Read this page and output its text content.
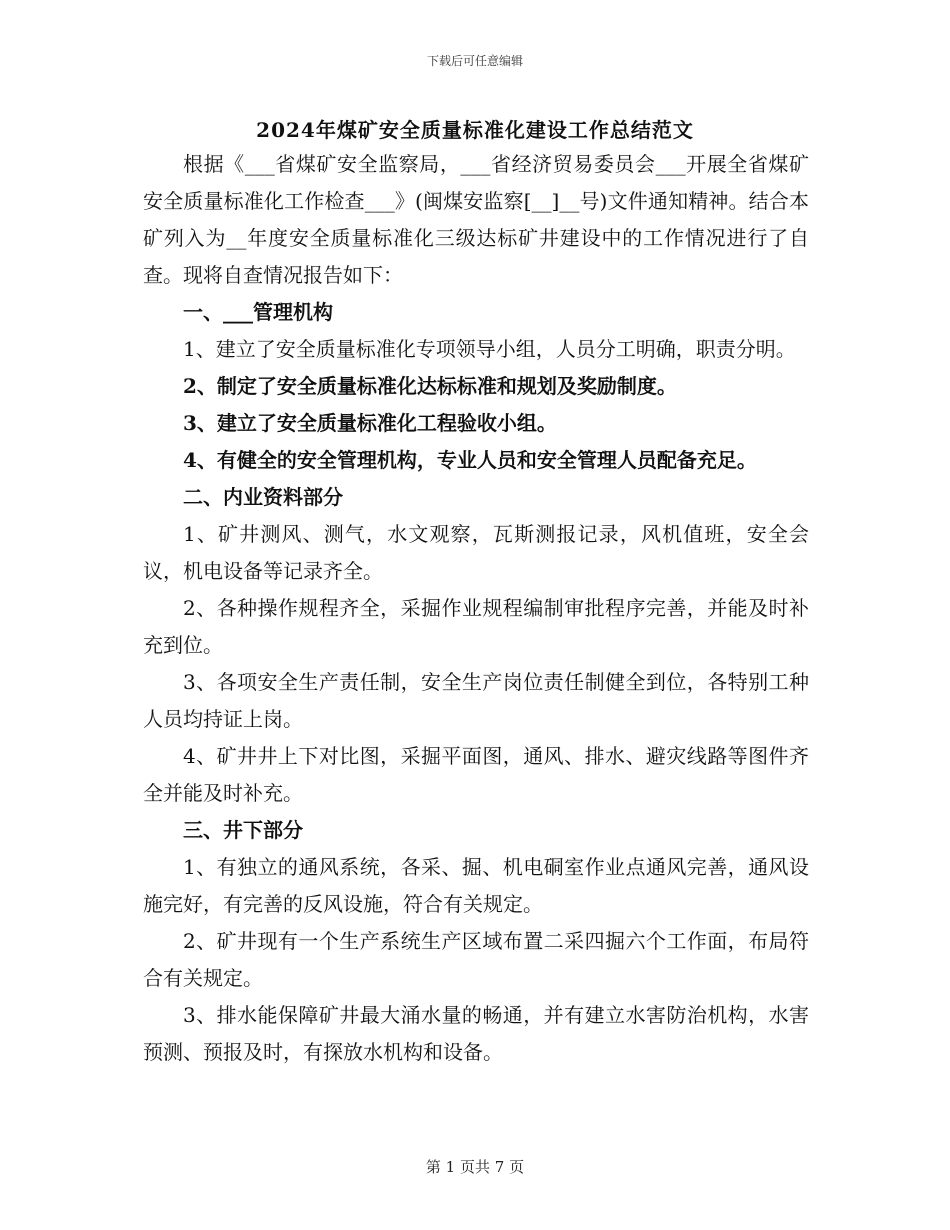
下载后可任意编辑
2024年煤矿安全质量标准化建设工作总结范文

根据《___省煤矿安全监察局，___省经济贸易委员会___开展全省煤矿安全质量标准化工作检查___》(闽煤安监察[__]__号)文件通知精神。结合本矿列入为__年度安全质量标准化三级达标矿井建设中的工作情况进行了自查。现将自查情况报告如下：

一、___管理机构

1、建立了安全质量标准化专项领导小组，人员分工明确，职责分明。

2、制定了安全质量标准化达标标准和规划及奖励制度。

3、建立了安全质量标准化工程验收小组。

4、有健全的安全管理机构，专业人员和安全管理人员配备充足。

二、内业资料部分

1、矿井测风、测气，水文观察，瓦斯测报记录，风机值班，安全会议，机电设备等记录齐全。

2、各种操作规程齐全，采掘作业规程编制审批程序完善，并能及时补充到位。

3、各项安全生产责任制，安全生产岗位责任制健全到位，各特别工种人员均持证上岗。

4、矿井井上下对比图，采掘平面图，通风、排水、避灾线路等图件齐全并能及时补充。

三、井下部分

1、有独立的通风系统，各采、掘、机电硐室作业点通风完善，通风设施完好，有完善的反风设施，符合有关规定。

2、矿井现有一个生产系统生产区域布置二采四掘六个工作面，布局符合有关规定。

3、排水能保障矿井最大涌水量的畅通，并有建立水害防治机构，水害预测、预报及时，有探放水机构和设备。

第 1 页共 7 页
